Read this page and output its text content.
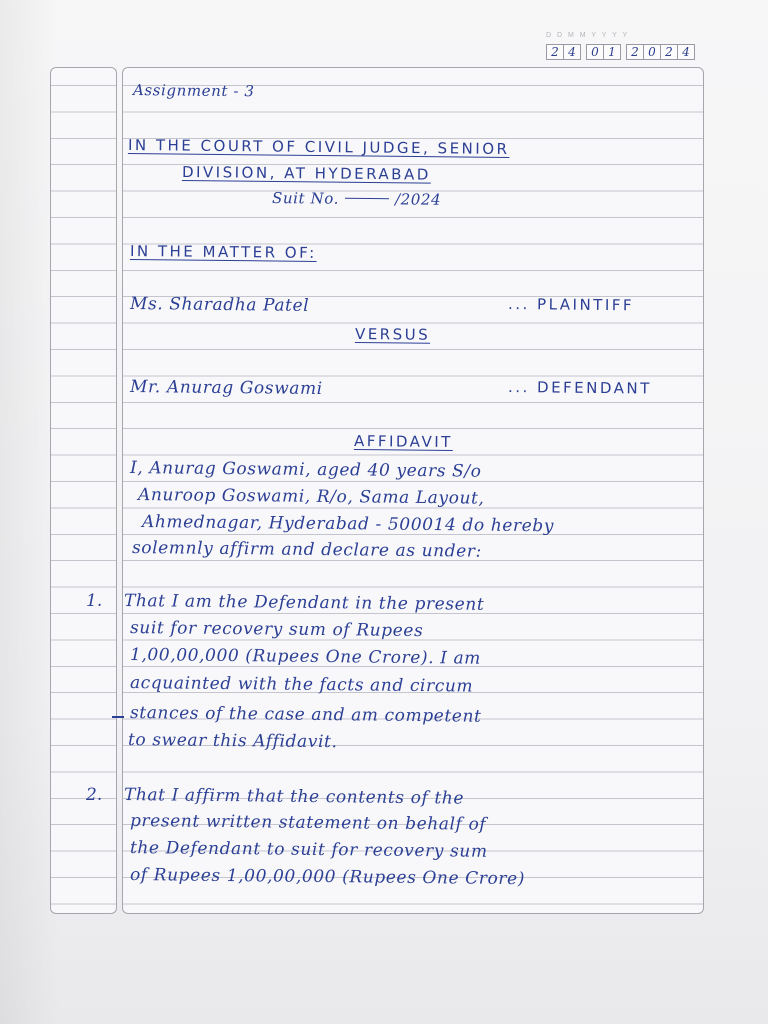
D D M M Y Y Y Y
2 4	0 1	2 0 2 4
Assignment - 3
IN THE COURT OF CIVIL JUDGE, SENIOR
DIVISION, AT HYDERABAD
Suit No.	/2024
IN THE MATTER OF:
Ms. Sharadha Patel	... PLAINTIFF
VERSUS
Mr. Anurag Goswami	... DEFENDANT
AFFIDAVIT
I, Anurag Goswami, aged 40 years S/o
Anuroop Goswami, R/o, Sama Layout,
Ahmednagar, Hyderabad - 500014 do hereby
solemnly affirm and declare as under:
1. That I am the Defendant in the present
suit for recovery sum of Rupees
1,00,00,000 (Rupees One Crore). I am
acquainted with the facts and circum
stances of the case and am competent
to swear this Affidavit.
2. That I affirm that the contents of the
present written statement on behalf of
the Defendant to suit for recovery sum
of Rupees 1,00,00,000 (Rupees One Crore)
